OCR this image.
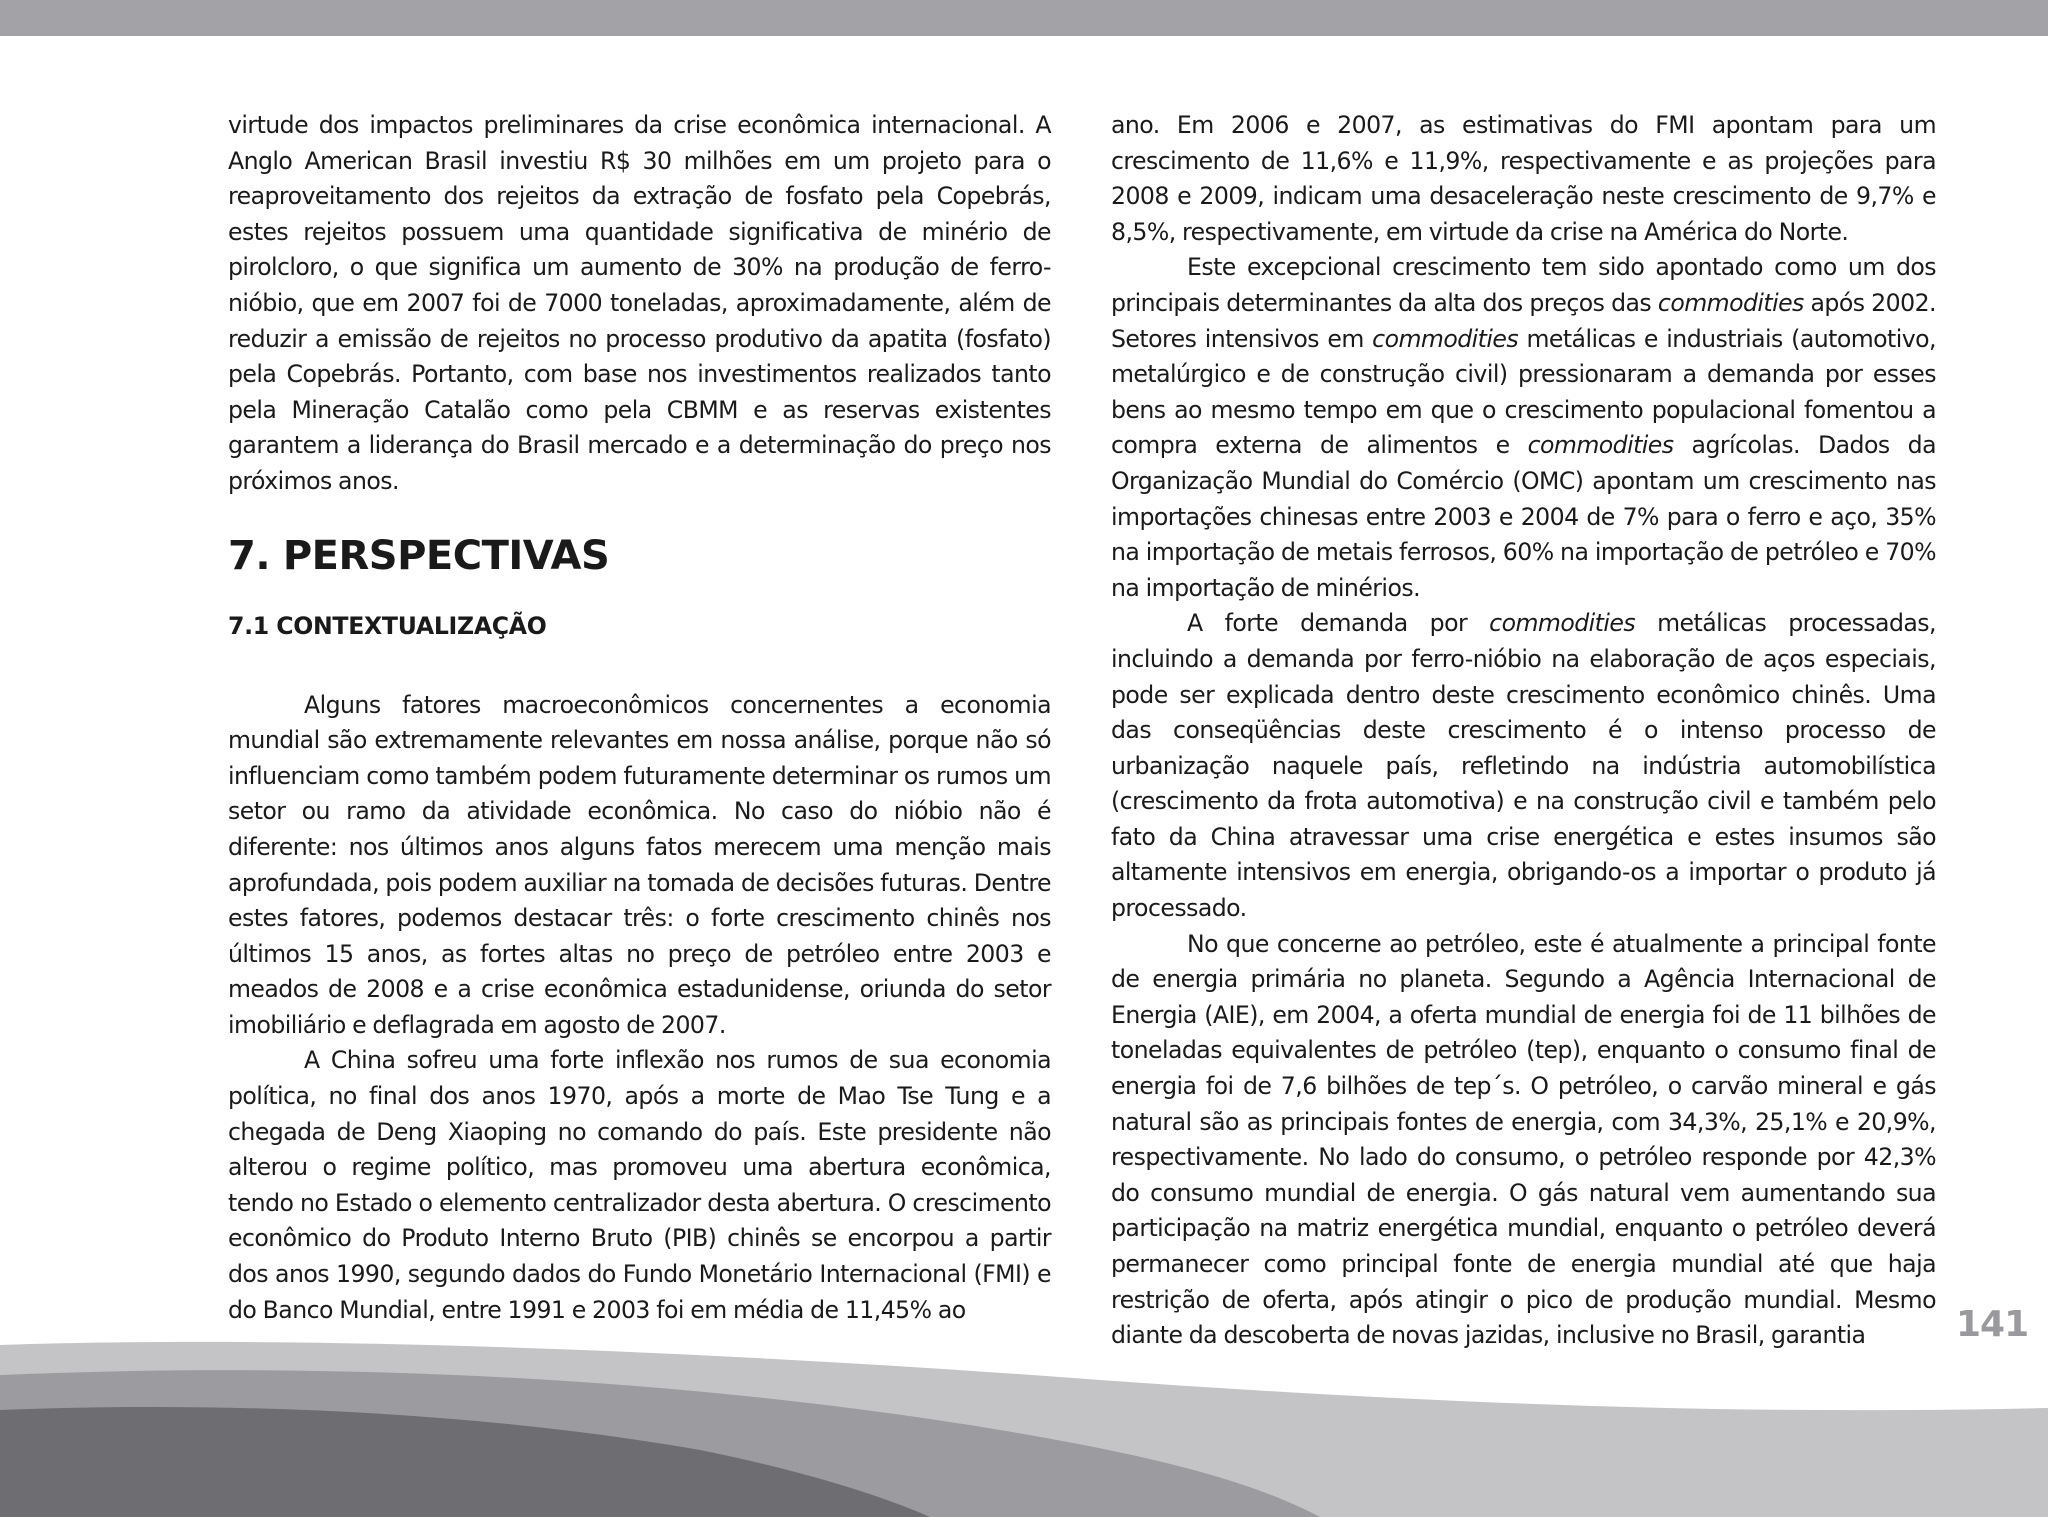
virtude dos impactos preliminares da crise econômica internacional. A Anglo American Brasil investiu R$ 30 milhões em um projeto para o reaproveitamento dos rejeitos da extração de fosfato pela Copebrás, estes rejeitos possuem uma quantidade significativa de minério de pirolcloro, o que significa um aumento de 30% na produção de ferro-nióbio, que em 2007 foi de 7000 toneladas, aproximadamente, além de reduzir a emissão de rejeitos no processo produtivo da apatita (fosfato) pela Copebrás. Portanto, com base nos investimentos realizados tanto pela Mineração Catalão como pela CBMM e as reservas existentes garantem a liderança do Brasil mercado e a determinação do preço nos próximos anos.

7. PERSPECTIVAS
7.1 CONTEXTUALIZAÇÃO

Alguns fatores macroeconômicos concernentes a economia mundial são extremamente relevantes em nossa análise, porque não só influenciam como também podem futuramente determinar os rumos um setor ou ramo da atividade econômica. No caso do nióbio não é diferente: nos últimos anos alguns fatos merecem uma menção mais aprofundada, pois podem auxiliar na tomada de decisões futuras. Dentre estes fatores, podemos destacar três: o forte crescimento chinês nos últimos 15 anos, as fortes altas no preço de petróleo entre 2003 e meados de 2008 e a crise econômica estadunidense, oriunda do setor imobiliário e deflagrada em agosto de 2007.

A China sofreu uma forte inflexão nos rumos de sua economia política, no final dos anos 1970, após a morte de Mao Tse Tung e a chegada de Deng Xiaoping no comando do país. Este presidente não alterou o regime político, mas promoveu uma abertura econômica, tendo no Estado o elemento centralizador desta abertura. O crescimento econômico do Produto Interno Bruto (PIB) chinês se encorpou a partir dos anos 1990, segundo dados do Fundo Monetário Internacional (FMI) e do Banco Mundial, entre 1991 e 2003 foi em média de 11,45% ao

ano. Em 2006 e 2007, as estimativas do FMI apontam para um crescimento de 11,6% e 11,9%, respectivamente e as projeções para 2008 e 2009, indicam uma desaceleração neste crescimento de 9,7% e 8,5%, respectivamente, em virtude da crise na América do Norte.

Este excepcional crescimento tem sido apontado como um dos principais determinantes da alta dos preços das commodities após 2002. Setores intensivos em commodities metálicas e industriais (automotivo, metalúrgico e de construção civil) pressionaram a demanda por esses bens ao mesmo tempo em que o crescimento populacional fomentou a compra externa de alimentos e commodities agrícolas. Dados da Organização Mundial do Comércio (OMC) apontam um crescimento nas importações chinesas entre 2003 e 2004 de 7% para o ferro e aço, 35% na importação de metais ferrosos, 60% na importação de petróleo e 70% na importação de minérios.

A forte demanda por commodities metálicas processadas, incluindo a demanda por ferro-nióbio na elaboração de aços especiais, pode ser explicada dentro deste crescimento econômico chinês. Uma das conseqüências deste crescimento é o intenso processo de urbanização naquele país, refletindo na indústria automobilística (crescimento da frota automotiva) e na construção civil e também pelo fato da China atravessar uma crise energética e estes insumos são altamente intensivos em energia, obrigando-os a importar o produto já processado.

No que concerne ao petróleo, este é atualmente a principal fonte de energia primária no planeta. Segundo a Agência Internacional de Energia (AIE), em 2004, a oferta mundial de energia foi de 11 bilhões de toneladas equivalentes de petróleo (tep), enquanto o consumo final de energia foi de 7,6 bilhões de tep´s. O petróleo, o carvão mineral e gás natural são as principais fontes de energia, com 34,3%, 25,1% e 20,9%, respectivamente. No lado do consumo, o petróleo responde por 42,3% do consumo mundial de energia. O gás natural vem aumentando sua participação na matriz energética mundial, enquanto o petróleo deverá permanecer como principal fonte de energia mundial até que haja restrição de oferta, após atingir o pico de produção mundial. Mesmo diante da descoberta de novas jazidas, inclusive no Brasil, garantia	141
